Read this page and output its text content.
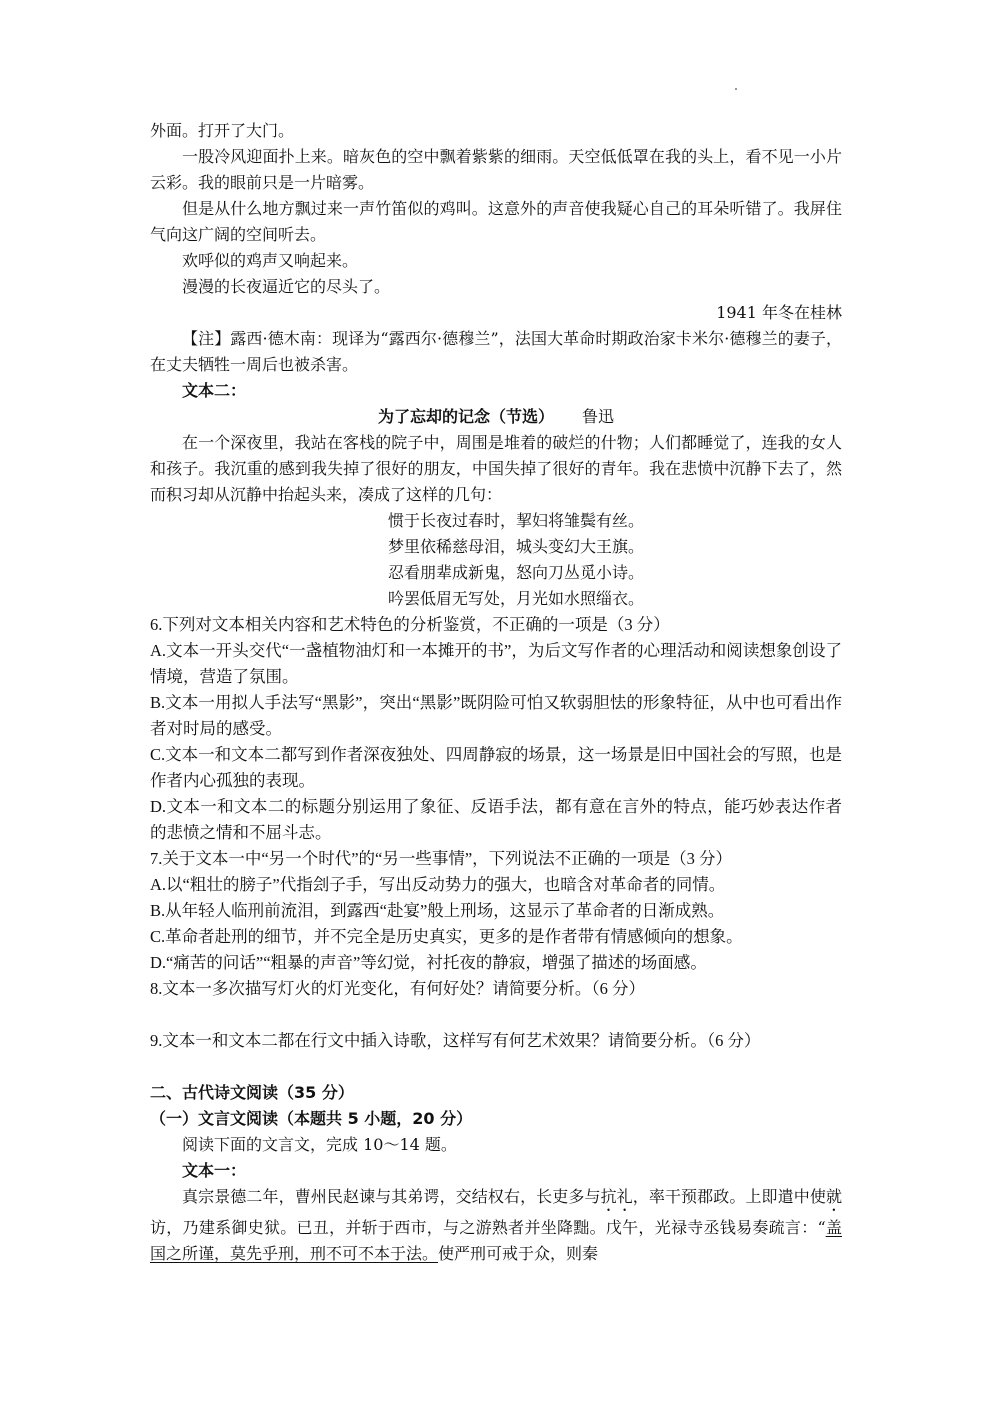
外面。打开了大门。

一股冷风迎面扑上来。暗灰色的空中飘着紫紫的细雨。天空低低罩在我的头上，看不见一小片云彩。我的眼前只是一片暗雾。

但是从什么地方飘过来一声竹笛似的鸡叫。这意外的声音使我疑心自己的耳朵听错了。我屏住气向这广阔的空间听去。

欢呼似的鸡声又响起来。

漫漫的长夜逼近它的尽头了。

1941 年冬在桂林

【注】露西·德木南：现译为“露西尔·德穆兰”，法国大革命时期政治家卡米尔·德穆兰的妻子，在丈夫牺牲一周后也被杀害。

文本二：

为了忘却的记念（节选） 鲁迅

在一个深夜里，我站在客栈的院子中，周围是堆着的破烂的什物；人们都睡觉了，连我的女人和孩子。我沉重的感到我失掉了很好的朋友，中国失掉了很好的青年。我在悲愤中沉静下去了，然而积习却从沉静中抬起头来，凑成了这样的几句：

惯于长夜过春时，挈妇将雏鬓有丝。

梦里依稀慈母泪，城头变幻大王旗。

忍看朋辈成新鬼，怒向刀丛觅小诗。

吟罢低眉无写处，月光如水照缁衣。

6.下列对文本相关内容和艺术特色的分析鉴赏，不正确的一项是（3 分）

A.文本一开头交代“一盏植物油灯和一本摊开的书”，为后文写作者的心理活动和阅读想象创设了情境，营造了氛围。

B.文本一用拟人手法写“黑影”，突出“黑影”既阴险可怕又软弱胆怯的形象特征，从中也可看出作者对时局的感受。

C.文本一和文本二都写到作者深夜独处、四周静寂的场景，这一场景是旧中国社会的写照，也是作者内心孤独的表现。

D.文本一和文本二的标题分别运用了象征、反语手法，都有意在言外的特点，能巧妙表达作者的悲愤之情和不屈斗志。

7.关于文本一中“另一个时代”的“另一些事情”，下列说法不正确的一项是（3 分）

A.以“粗壮的膀子”代指刽子手，写出反动势力的强大，也暗含对革命者的同情。

B.从年轻人临刑前流泪，到露西“赴宴”般上刑场，这显示了革命者的日渐成熟。

C.革命者赴刑的细节，并不完全是历史真实，更多的是作者带有情感倾向的想象。

D.“痛苦的问话”“粗暴的声音”等幻觉，衬托夜的静寂，增强了描述的场面感。

8.文本一多次描写灯火的灯光变化，有何好处？请简要分析。（6 分）

9.文本一和文本二都在行文中插入诗歌，这样写有何艺术效果？请简要分析。（6 分）

二、古代诗文阅读（35 分）

（一）文言文阅读（本题共 5 小题，20 分）

阅读下面的文言文，完成 10～14 题。

文本一：

真宗景德二年，曹州民赵谏与其弟谔，交结权右，长吏多与抗礼，率干预郡政。上即遣中使就访，乃建系御史狱。已丑，并斩于西市，与之游熟者并坐降黜。戊午，光禄寺丞钱易奏疏言：“盖国之所谨，莫先乎刑，刑不可不本于法。使严刑可戒于众，则秦
